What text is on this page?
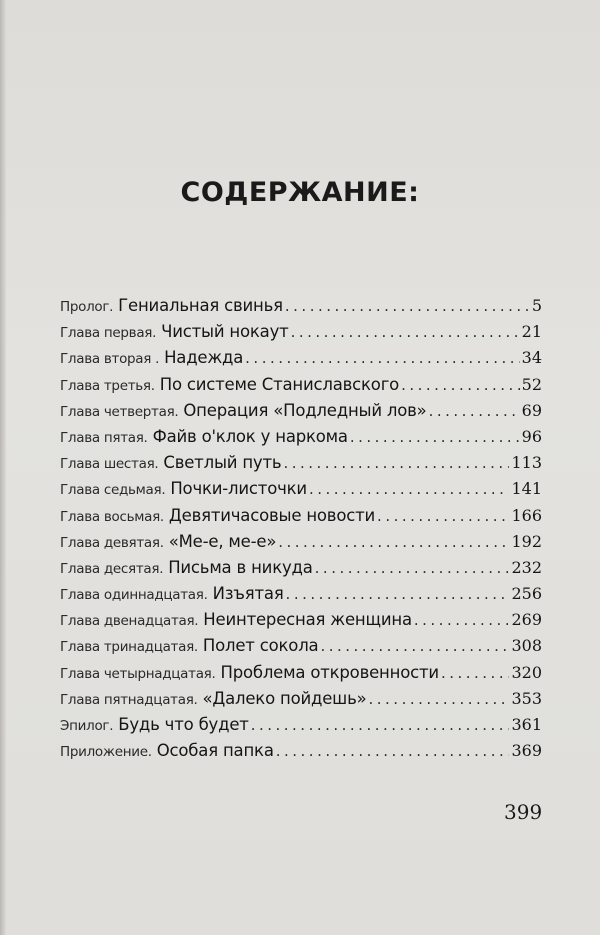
СОДЕРЖАНИЕ:
Пролог. Гениальная свинья .....	5
Глава первая. Чистый нокаут .....	21
Глава вторая . Надежда .....	34
Глава третья. По системе Станиславского .....	52
Глава четвертая. Операция «Подледный лов» .....	69
Глава пятая. Файв о'клок у наркома .....	96
Глава шестая. Светлый путь .....	113
Глава седьмая. Почки-листочки .....	141
Глава восьмая. Девятичасовые новости .....	166
Глава девятая. «Ме-е, ме-е» .....	192
Глава десятая. Письма в никуда .....	232
Глава одиннадцатая. Изъятая .....	256
Глава двенадцатая. Неинтересная женщина .....	269
Глава тринадцатая. Полет сокола .....	308
Глава четырнадцатая. Проблема откровенности .....	320
Глава пятнадцатая. «Далеко пойдешь» .....	353
Эпилог. Будь что будет .....	361
Приложение. Особая папка .....	369
399
